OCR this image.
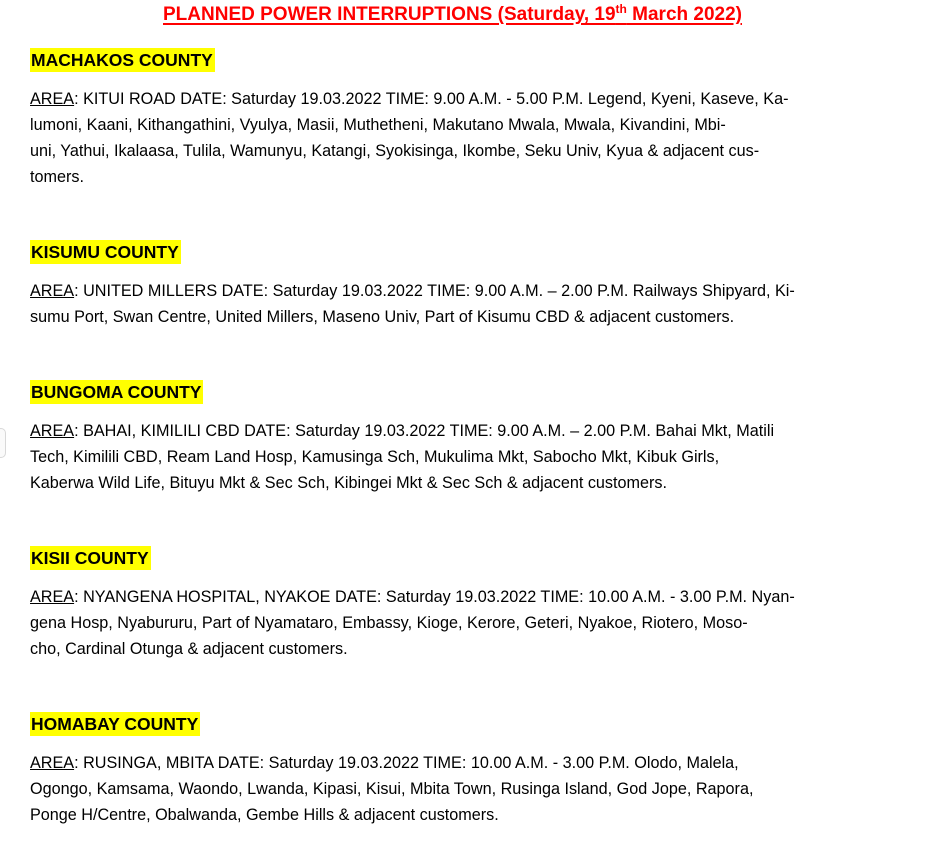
PLANNED POWER INTERRUPTIONS (Saturday, 19th March 2022)
MACHAKOS COUNTY
AREA: KITUI ROAD DATE: Saturday 19.03.2022 TIME: 9.00 A.M. - 5.00 P.M. Legend, Kyeni, Kaseve, Ka-
lumoni, Kaani, Kithangathini, Vyulya, Masii, Muthetheni, Makutano Mwala, Mwala, Kivandini, Mbi-
uni, Yathui, Ikalaasa, Tulila, Wamunyu, Katangi, Syokisinga, Ikombe, Seku Univ, Kyua & adjacent cus-
tomers.
KISUMU COUNTY
AREA: UNITED MILLERS DATE: Saturday 19.03.2022 TIME: 9.00 A.M. – 2.00 P.M. Railways Shipyard, Ki-
sumu Port, Swan Centre, United Millers, Maseno Univ, Part of Kisumu CBD & adjacent customers.
BUNGOMA COUNTY
AREA: BAHAI, KIMILILI CBD DATE: Saturday 19.03.2022 TIME: 9.00 A.M. – 2.00 P.M. Bahai Mkt, Matili
Tech, Kimilili CBD, Ream Land Hosp, Kamusinga Sch, Mukulima Mkt, Sabocho Mkt, Kibuk Girls,
Kaberwa Wild Life, Bituyu Mkt & Sec Sch, Kibingei Mkt & Sec Sch & adjacent customers.
KISII COUNTY
AREA: NYANGENA HOSPITAL, NYAKOE DATE: Saturday 19.03.2022 TIME: 10.00 A.M. - 3.00 P.M. Nyan-
gena Hosp, Nyabururu, Part of Nyamataro, Embassy, Kioge, Kerore, Geteri, Nyakoe, Riotero, Moso-
cho, Cardinal Otunga & adjacent customers.
HOMABAY COUNTY
AREA: RUSINGA, MBITA DATE: Saturday 19.03.2022 TIME: 10.00 A.M. - 3.00 P.M. Olodo, Malela,
Ogongo, Kamsama, Waondo, Lwanda, Kipasi, Kisui, Mbita Town, Rusinga Island, God Jope, Rapora,
Ponge H/Centre, Obalwanda, Gembe Hills & adjacent customers.
